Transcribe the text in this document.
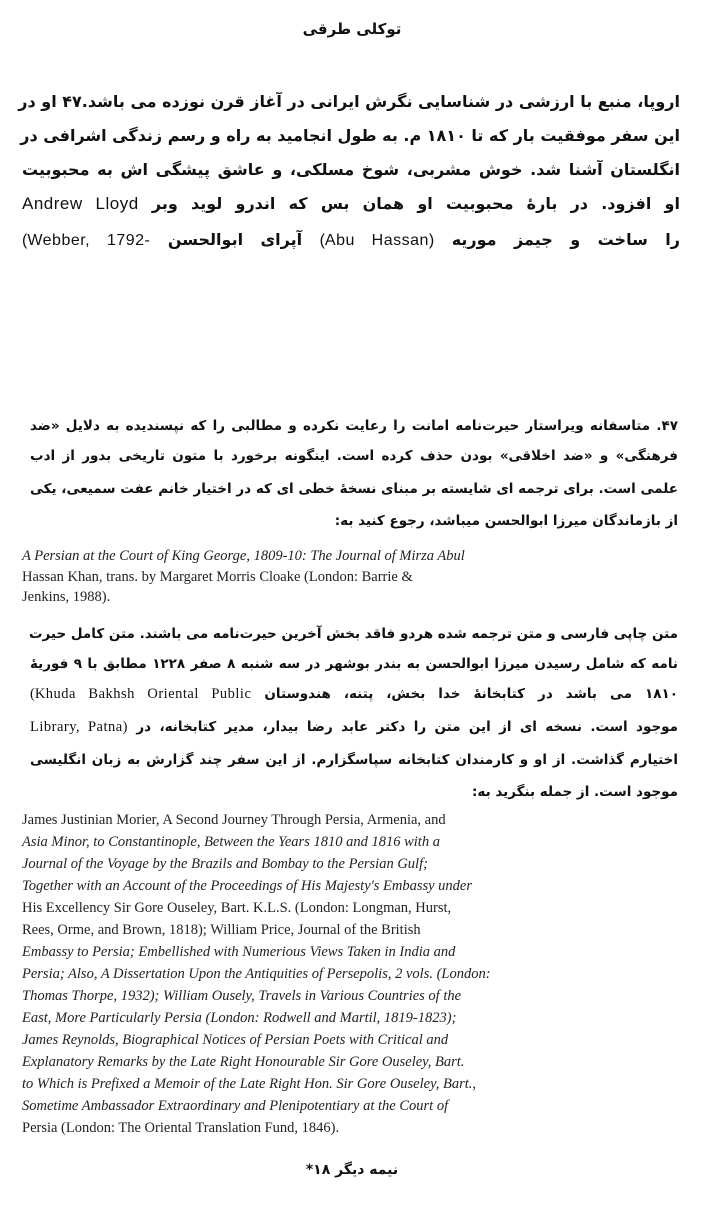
توکلی طرقی
اروپا، منبع با ارزشی در شناسایی نگرش ایرانی در آغاز قرن نوزده می باشد.۴۷ او در
این سفر موفقیت بار که تا ۱۸۱۰ م. به طول انجامید به راه و رسم زندگی اشرافی در
انگلستان آشنا شد. خوش مشربی، شوخ مسلکی، و عاشق پیشگی اش به محبوبیت
او افزود. در بارهٔ محبوبیت او همان بس که اندرو لوید وبر Andrew Lloyd
را ساخت و جیمز موریه (Abu Hassan) آپرای ابوالحسن (Webber, 1792-
۴۷. متاسفانه ویراستار حیرت‌نامه امانت را رعایت نکرده و مطالبی را که نپسندیده به دلایل «ضد
فرهنگی» و «ضد اخلاقی» بودن حذف کرده است. اینگونه برخورد با متون تاریخی بدور از ادب
علمی است. برای ترجمه ای شایسته بر مبنای نسخهٔ خطی ای که در اختیار خانم عفت سمیعی، یکی
از بازماندگان میرزا ابوالحسن میباشد، رجوع کنید به:
A Persian at the Court of King George, 1809-10: The Journal of Mirza Abul
Hassan Khan, trans. by Margaret Morris Cloake (London: Barrie &
Jenkins, 1988).
متن چاپی فارسی و متن ترجمه شده هردو فاقد بخش آخرین حیرت‌نامه می باشند. متن کامل حیرت
نامه که شامل رسیدن میرزا ابوالحسن به بندر بوشهر در سه شنبه ۸ صفر ۱۲۲۸ مطابق با ۹ فوریهٔ
۱۸۱۰ می باشد در کتابخانهٔ خدا بخش، پتنه، هندوستان (Khuda Bakhsh Oriental Public
موجود است. نسخه ای از این متن را دکتر عابد رضا بیدار، مدیر کتابخانه، در Library, Patna)
اختیارم گذاشت. از او و کارمندان کتابخانه سپاسگزارم. از این سفر چند گزارش به زبان انگلیسی
موجود است. از جمله بنگرید به:
James Justinian Morier, A Second Journey Through Persia, Armenia, and
Asia Minor, to Constantinople, Between the Years 1810 and 1816 with a
Journal of the Voyage by the Brazils and Bombay to the Persian Gulf;
Together with an Account of the Proceedings of His Majesty's Embassy under
His Excellency Sir Gore Ouseley, Bart. K.L.S. (London: Longman, Hurst,
Rees, Orme, and Brown, 1818); William Price, Journal of the British
Embassy to Persia; Embellished with Numerious Views Taken in India and
Persia; Also, A Dissertation Upon the Antiquities of Persepolis, 2 vols. (London:
Thomas Thorpe, 1932); William Ousely, Travels in Various Countries of the
East, More Particularly Persia (London: Rodwell and Martil, 1819-1823);
James Reynolds, Biographical Notices of Persian Poets with Critical and
Explanatory Remarks by the Late Right Honourable Sir Gore Ouseley, Bart.
to Which is Prefixed a Memoir of the Late Right Hon. Sir Gore Ouseley, Bart.,
Sometime Ambassador Extraordinary and Plenipotentiary at the Court of
Persia (London: The Oriental Translation Fund, 1846).
نیمه دیگر ۱۸*
